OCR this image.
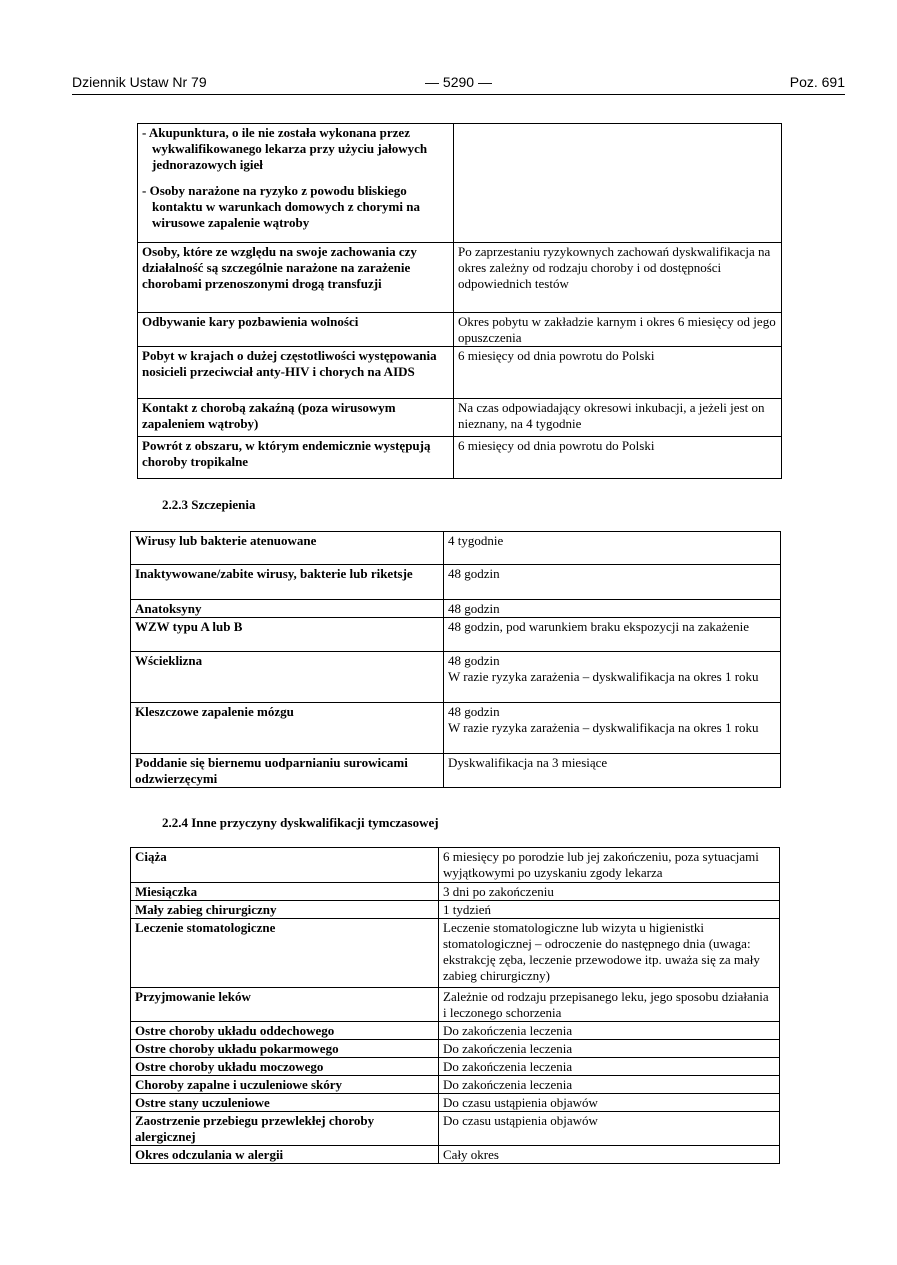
Dziennik Ustaw Nr 79	— 5290 —	Poz. 691
- Akupunktura, o ile nie została wykonana przez wykwalifikowanego lekarza przy użyciu jałowych jednorazowych igieł
- Osoby narażone na ryzyko z powodu bliskiego kontaktu w warunkach domowych z chorymi na wirusowe zapalenie wątroby	

Osoby, które ze względu na swoje zachowania czy działalność są szczególnie narażone na zarażenie chorobami przenoszonymi drogą transfuzji	Po zaprzestaniu ryzykownych zachowań dyskwalifikacja na okres zależny od rodzaju choroby i od dostępności odpowiednich testów

Odbywanie kary pozbawienia wolności	Okres pobytu w zakładzie karnym i okres 6 miesięcy od jego opuszczenia
Pobyt w krajach o dużej częstotliwości występowania nosicieli przeciwciał anty-HIV i chorych na AIDS	6 miesięcy od dnia powrotu do Polski
Kontakt z chorobą zakaźną (poza wirusowym zapaleniem wątroby)	Na czas odpowiadający okresowi inkubacji, a jeżeli jest on nieznany, na 4 tygodnie
Powrót z obszaru, w którym endemicznie występują choroby tropikalne	6 miesięcy od dnia powrotu do Polski
2.2.3 Szczepienia
Wirusy lub bakterie atenuowane	4 tygodnie
Inaktywowane/zabite wirusy, bakterie lub riketsje	48 godzin
Anatoksyny	48 godzin
WZW typu A lub B	48 godzin, pod warunkiem braku ekspozycji na zakażenie
Wścieklizna	48 godzin
W razie ryzyka zarażenia – dyskwalifikacja na okres 1 roku

Kleszczowe zapalenie mózgu	48 godzin
W razie ryzyka zarażenia – dyskwalifikacja na okres 1 roku

Poddanie się biernemu uodparnianiu surowicami odzwierzęcymi	Dyskwalifikacja na 3 miesiące
2.2.4 Inne przyczyny dyskwalifikacji tymczasowej
Ciąża	6 miesięcy po porodzie lub jej zakończeniu, poza sytuacjami wyjątkowymi po uzyskaniu zgody lekarza
Miesiączka	3 dni po zakończeniu
Mały zabieg chirurgiczny	1 tydzień
Leczenie stomatologiczne	Leczenie stomatologiczne lub wizyta u higienistki stomatologicznej – odroczenie do następnego dnia (uwaga: ekstrakcję zęba, leczenie przewodowe itp. uważa się za mały zabieg chirurgiczny)
Przyjmowanie leków	Zależnie od rodzaju przepisanego leku, jego sposobu działania i leczonego schorzenia
Ostre choroby układu oddechowego	Do zakończenia leczenia
Ostre choroby układu pokarmowego	Do zakończenia leczenia
Ostre choroby układu moczowego	Do zakończenia leczenia
Choroby zapalne i uczuleniowe skóry	Do zakończenia leczenia
Ostre stany uczuleniowe	Do czasu ustąpienia objawów
Zaostrzenie przebiegu przewlekłej choroby alergicznej	Do czasu ustąpienia objawów
Okres odczulania w alergii	Cały okres
